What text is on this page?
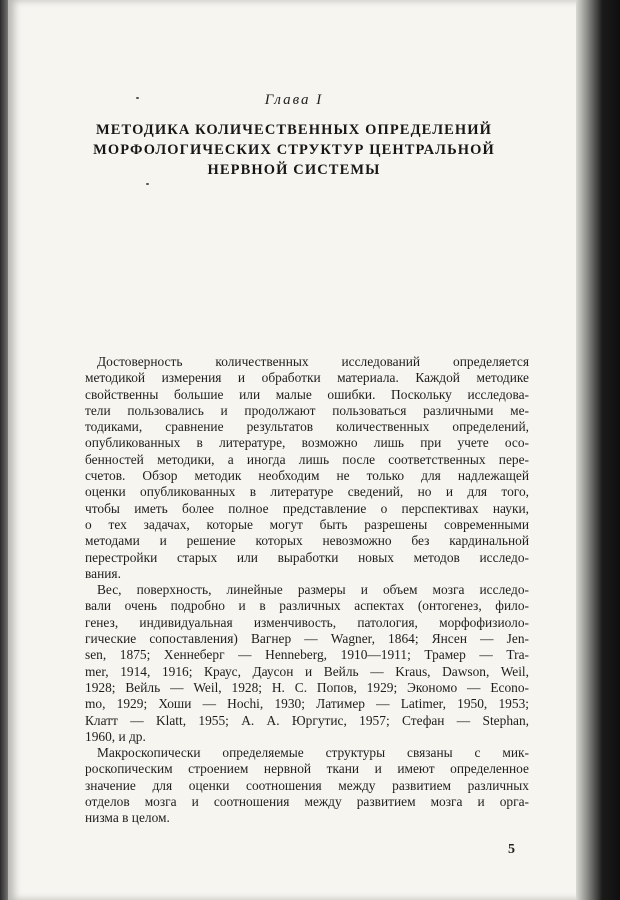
Глава I
МЕТОДИКА КОЛИЧЕСТВЕННЫХ ОПРЕДЕЛЕНИЙ
МОРФОЛОГИЧЕСКИХ СТРУКТУР ЦЕНТРАЛЬНОЙ
НЕРВНОЙ СИСТЕМЫ

Достоверность количественных исследований определяется
методикой измерения и обработки материала. Каждой методике
свойственны большие или малые ошибки. Поскольку исследова-
тели пользовались и продолжают пользоваться различными ме-
тодиками, сравнение результатов количественных определений,
опубликованных в литературе, возможно лишь при учете осо-
бенностей методики, а иногда лишь после соответственных пере-
счетов. Обзор методик необходим не только для надлежащей
оценки опубликованных в литературе сведений, но и для того,
чтобы иметь более полное представление о перспективах науки,
о тех задачах, которые могут быть разрешены современными
методами и решение которых невозможно без кардинальной
перестройки старых или выработки новых методов исследо-
вания.

Вес, поверхность, линейные размеры и объем мозга исследо-
вали очень подробно и в различных аспектах (онтогенез, фило-
генез, индивидуальная изменчивость, патология, морфофизиоло-
гические сопоставления) Вагнер — Wagner, 1864; Янсен — Jen-
sen, 1875; Хеннеберг — Henneberg, 1910—1911; Трамер — Tra-
mer, 1914, 1916; Краус, Даусон и Вейль — Kraus, Dawson, Weil,
1928; Вейль — Weil, 1928; Н. С. Попов, 1929; Экономо — Econo-
mo, 1929; Хоши — Hochi, 1930; Латимер — Latimer, 1950, 1953;
Клатт — Klatt, 1955; А. А. Юргутис, 1957; Стефан — Stephan,
1960, и др.

Макроскопически определяемые структуры связаны с мик-
роскопическим строением нервной ткани и имеют определенное
значение для оценки соотношения между развитием различных
отделов мозга и соотношения между развитием мозга и орга-
низма в целом.

5
